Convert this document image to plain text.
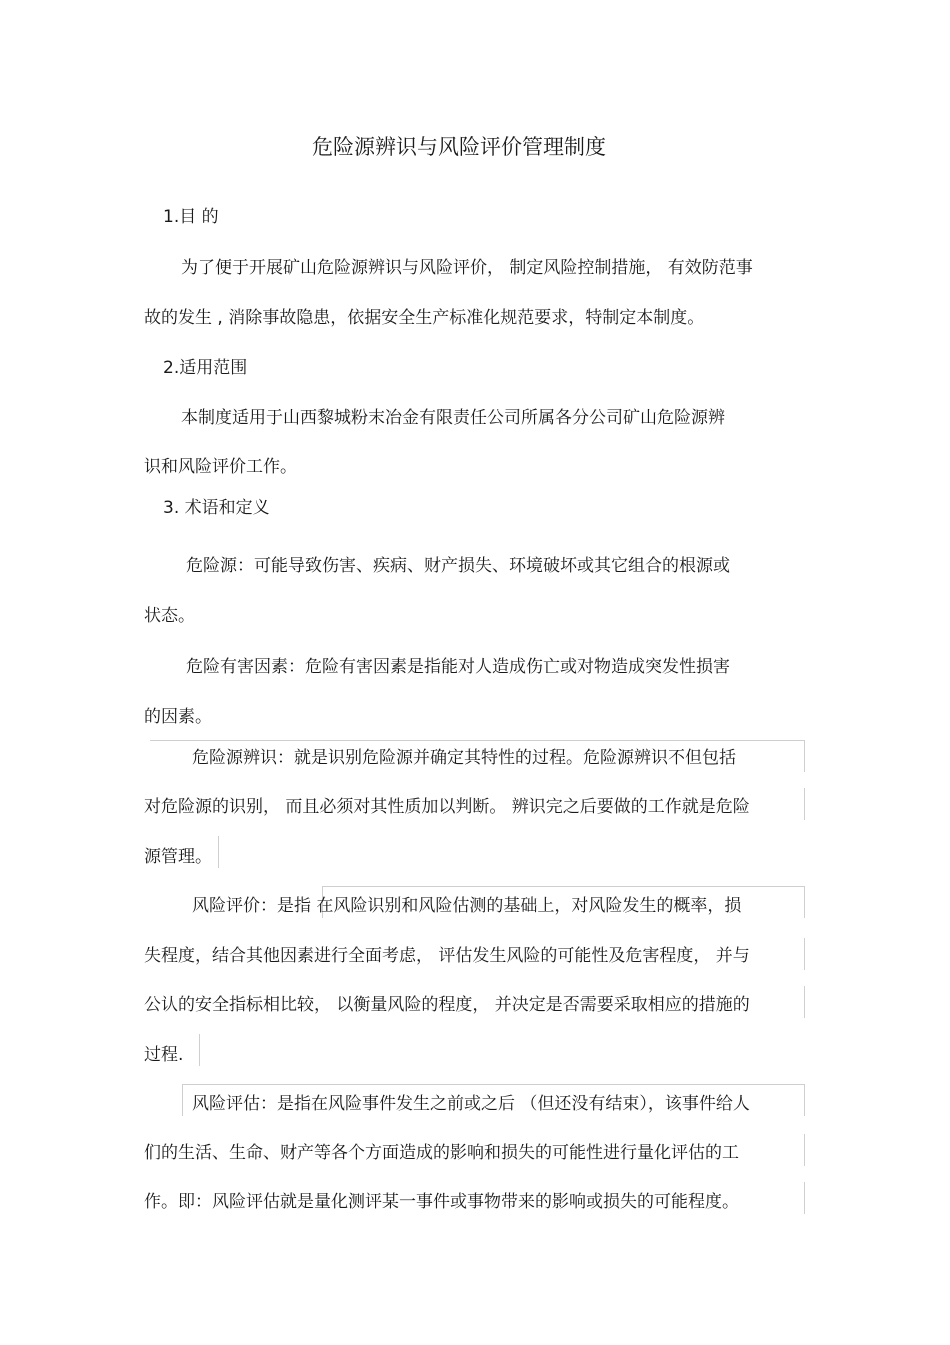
危险源辨识与风险评价管理制度

1.目 的

为了便于开展矿山危险源辨识与风险评价， 制定风险控制措施， 有效防范事

故的发生 , 消除事故隐患，依据安全生产标准化规范要求，特制定本制度。

2.适用范围

本制度适用于山西黎城粉末冶金有限责任公司所属各分公司矿山危险源辨

识和风险评价工作。

3. 术语和定义

危险源：可能导致伤害、疾病、财产损失、环境破坏或其它组合的根源或

状态。

危险有害因素：危险有害因素是指能对人造成伤亡或对物造成突发性损害

的因素。

危险源辨识：就是识别危险源并确定其特性的过程。危险源辨识不但包括

对危险源的识别， 而且必须对其性质加以判断。 辨识完之后要做的工作就是危险

源管理。

风险评价：是指 在风险识别和风险估测的基础上，对风险发生的概率，损

失程度，结合其他因素进行全面考虑， 评估发生风险的可能性及危害程度， 并与

公认的安全指标相比较， 以衡量风险的程度， 并决定是否需要采取相应的措施的

过程.

风险评估：是指在风险事件发生之前或之后 （但还没有结束），该事件给人

们的生活、生命、财产等各个方面造成的影响和损失的可能性进行量化评估的工

作。即：风险评估就是量化测评某一事件或事物带来的影响或损失的可能程度。
